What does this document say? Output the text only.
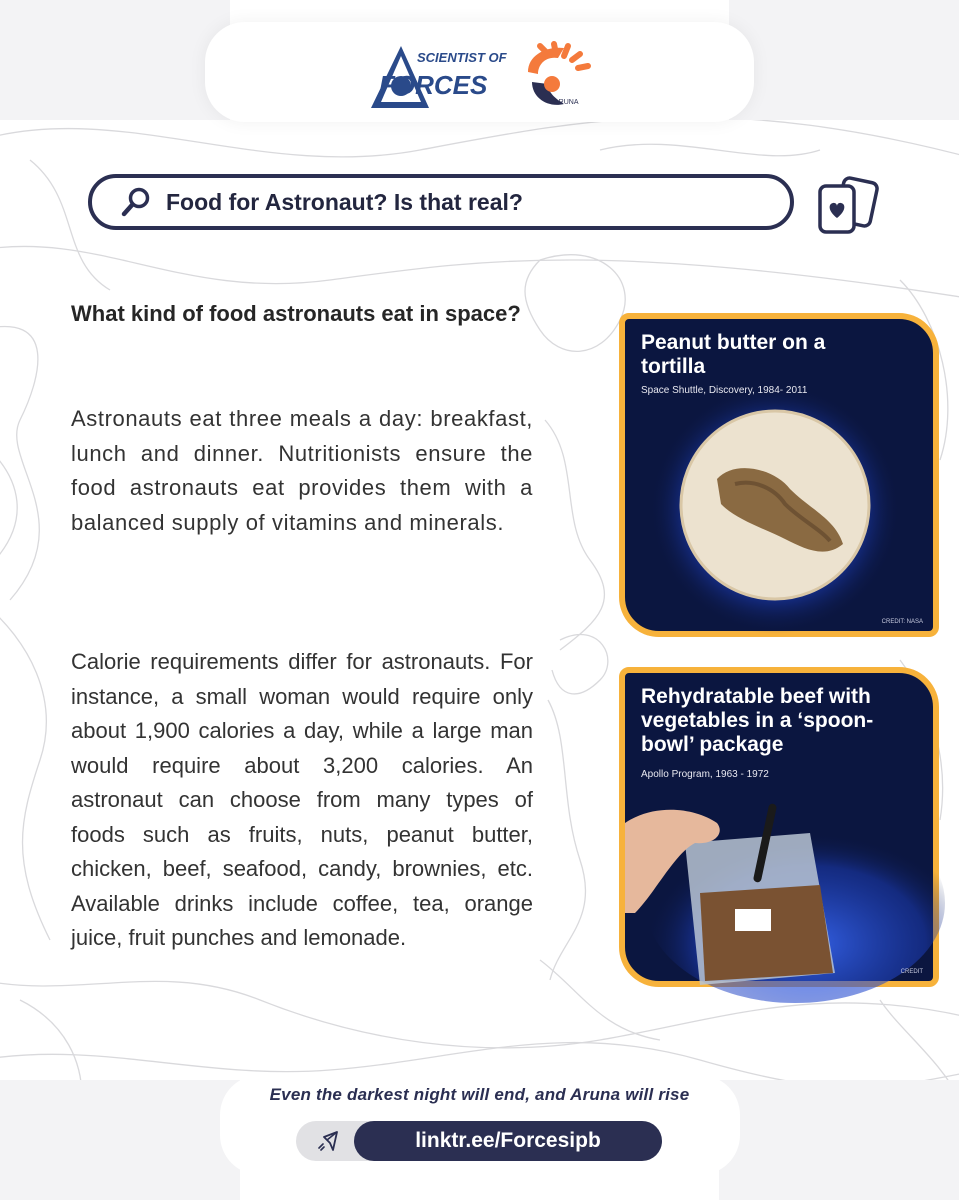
SCIENTIST OF
FORCES
SCIENTIST OF FORCES
ARUNA
Food for Astronaut? Is that real?
What kind of food astronauts eat in space?

Astronauts eat three meals a day: breakfast, lunch and dinner. Nutritionists ensure the food astronauts eat provides them with a balanced supply of vitamins and minerals.

Calorie requirements differ for astronauts. For instance, a small woman would require only about 1,900 calories a day, while a large man would require about 3,200 calories. An astronaut can choose from many types of foods such as fruits, nuts, peanut butter, chicken, beef, seafood, candy, brownies, etc. Available drinks include coffee, tea, orange juice, fruit punches and lemonade.

Peanut butter on a tortilla
Space Shuttle, Discovery, 1984- 2011
CREDIT: NASA
Rehydratable beef with vegetables in a ‘spoon-bowl’ package
Apollo Program, 1963 - 1972
CREDIT
Even the darkest night will end, and Aruna will rise
linktr.ee/Forcesipb
